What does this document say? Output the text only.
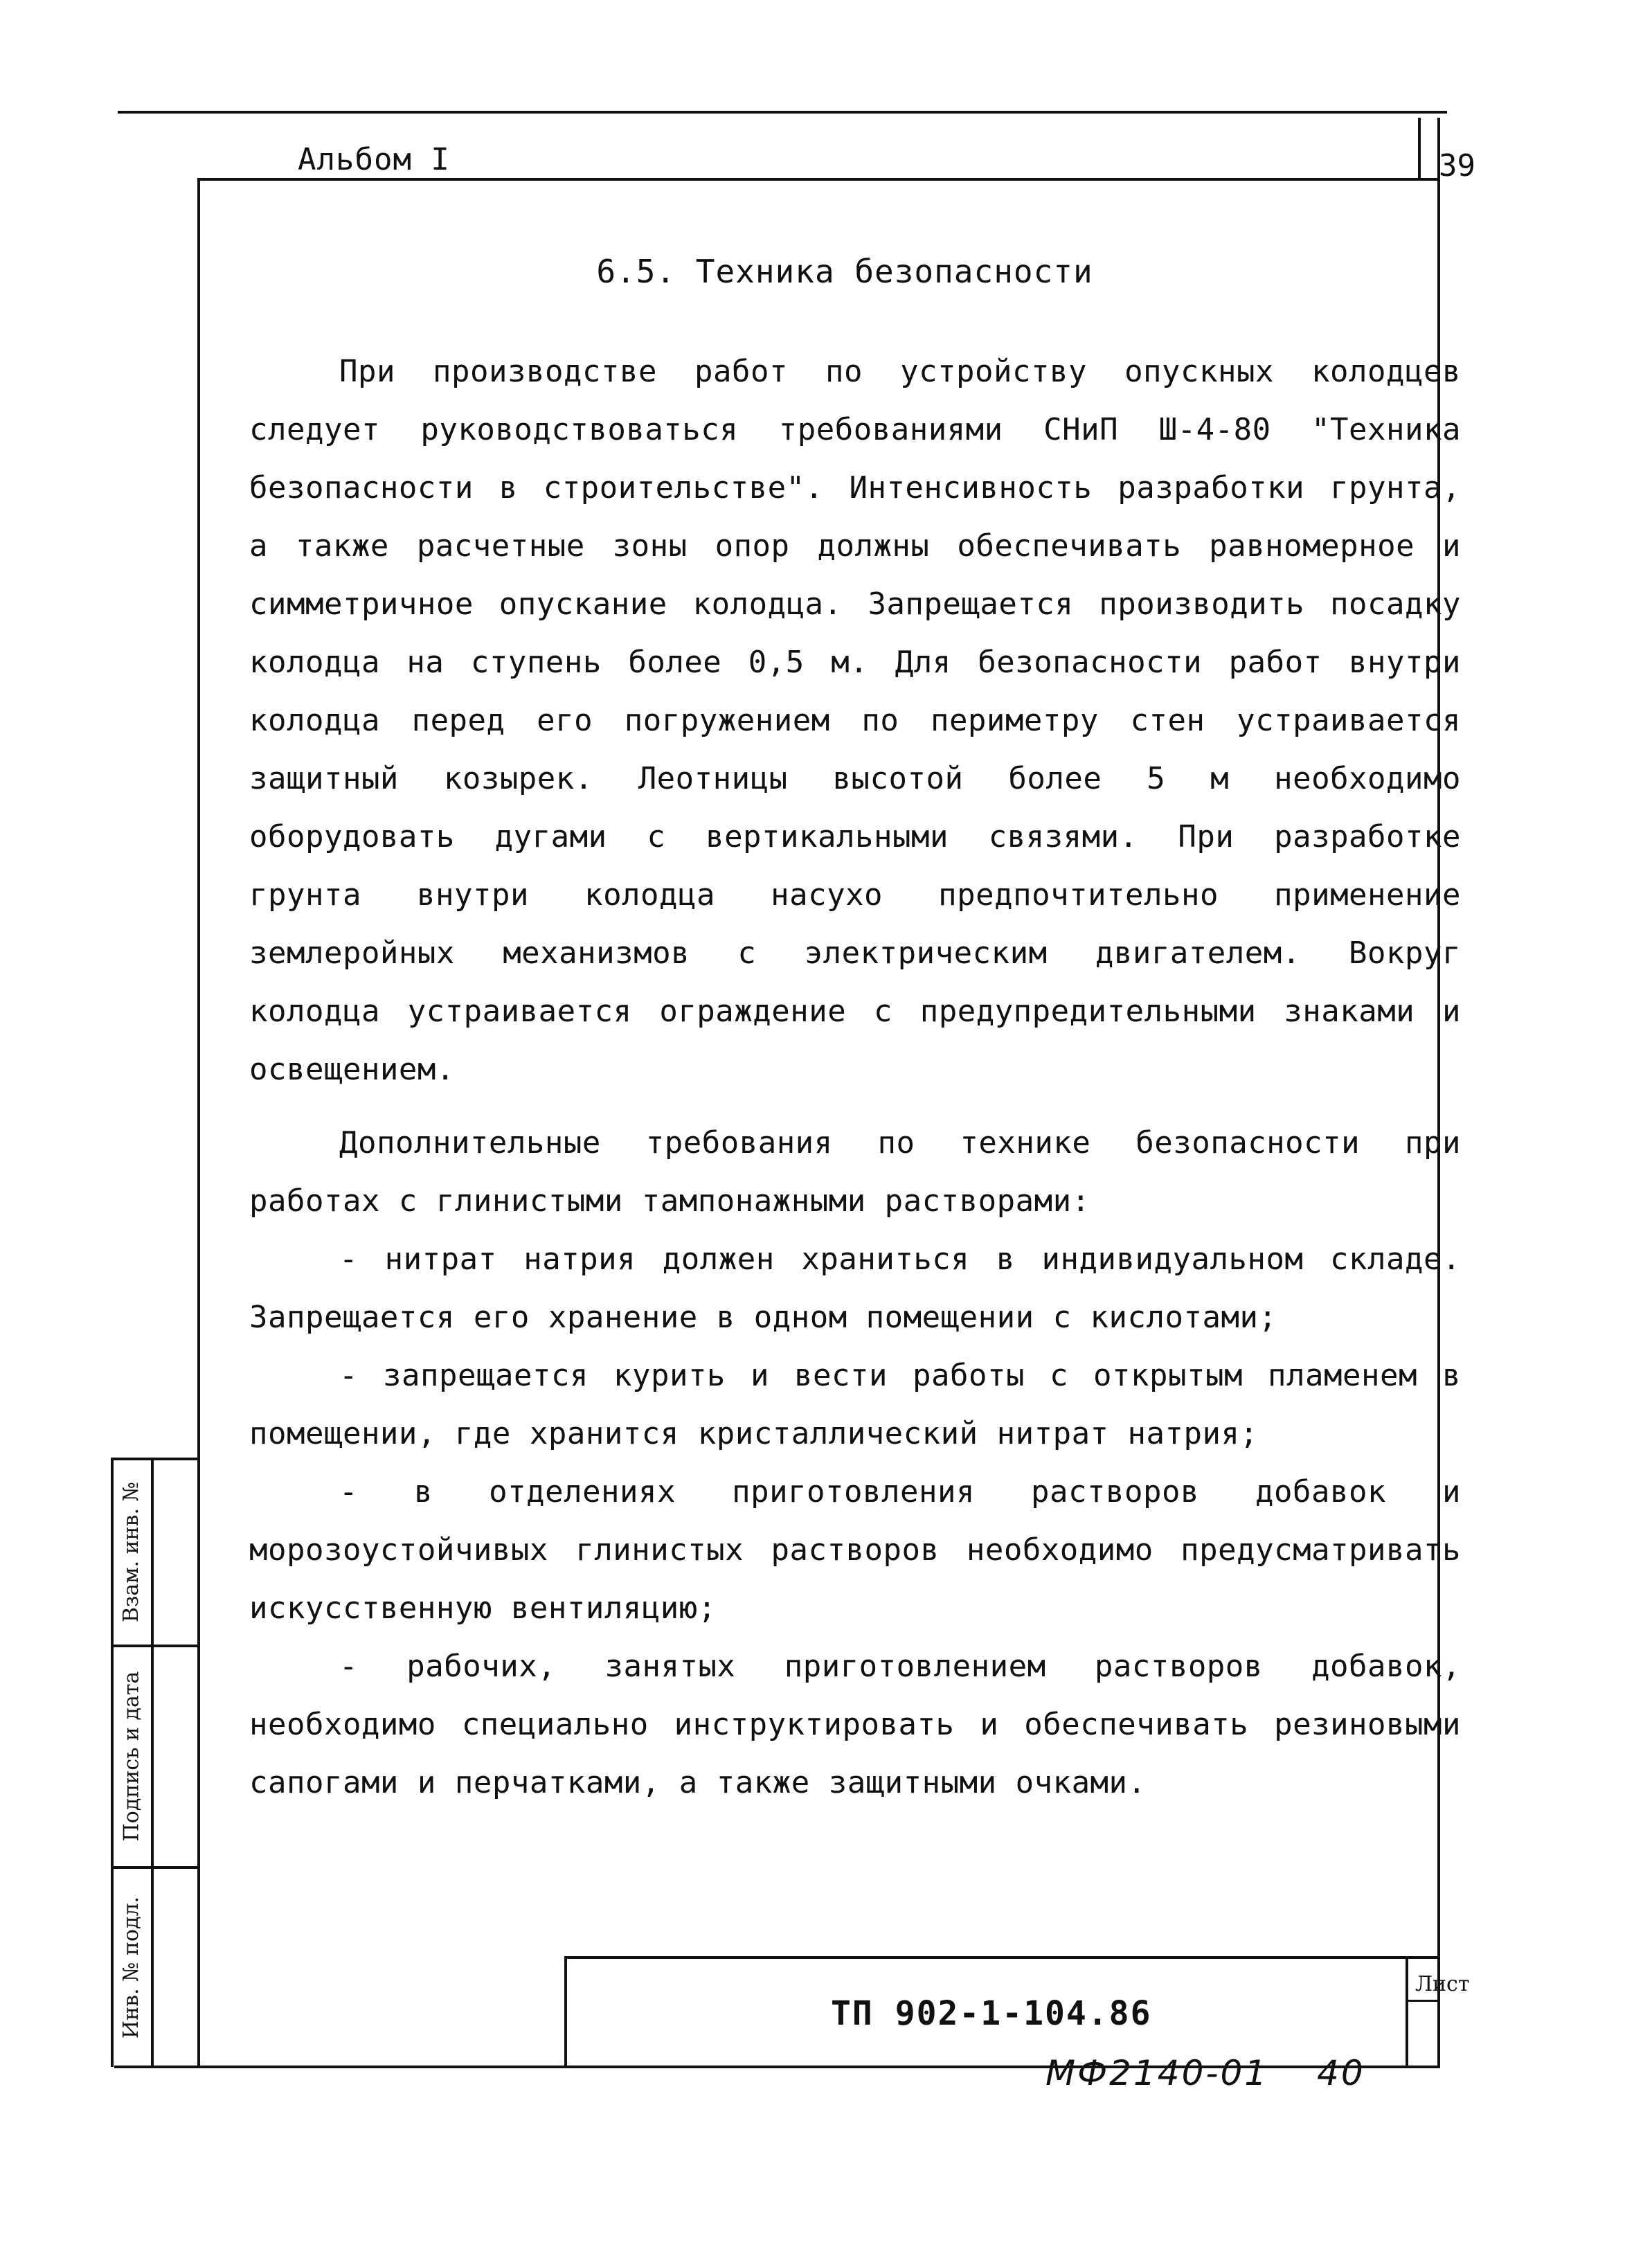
Альбом I	39
6.5. Техника безопасности

При производстве работ по устройству опускных колодцев следует руководствоваться требованиями СНиП Ш-4-80 "Техника безопасности в строительстве". Интенсивность разработки грунта, а также расчетные зоны опор должны обеспечивать равномерное и симметричное опускание колодца. Запрещается производить посадку колодца на ступень более 0,5 м. Для безопасности работ внутри колодца перед его погружением по периметру стен устраивается защитный козырек. Леотницы высотой более 5 м необходимо оборудовать дугами с вертикальными связями. При разработке грунта внутри колодца насухо предпочтительно применение землеройных механизмов с электрическим двигателем. Вокруг колодца устраивается ограждение с предупредительными знаками и освещением.

Дополнительные требования по технике безопасности при работах с глинистыми тампонажными растворами:

- нитрат натрия должен храниться в индивидуальном складе. Запрещается его хранение в одном помещении с кислотами;

- запрещается курить и вести работы с открытым пламенем в помещении, где хранится кристаллический нитрат натрия;

- в отделениях приготовления растворов добавок и морозоустойчивых глинистых растворов необходимо предусматривать искусственную вентиляцию;

- рабочих, занятых приготовлением растворов добавок, необходимо специально инструктировать и обеспечивать резиновыми сапогами и перчатками, а также защитными очками.

Взам. инв. №
Подпись и дата
Инв. № подл.	ТП 902-1-104.86
Лист
МФ2140-01 40
